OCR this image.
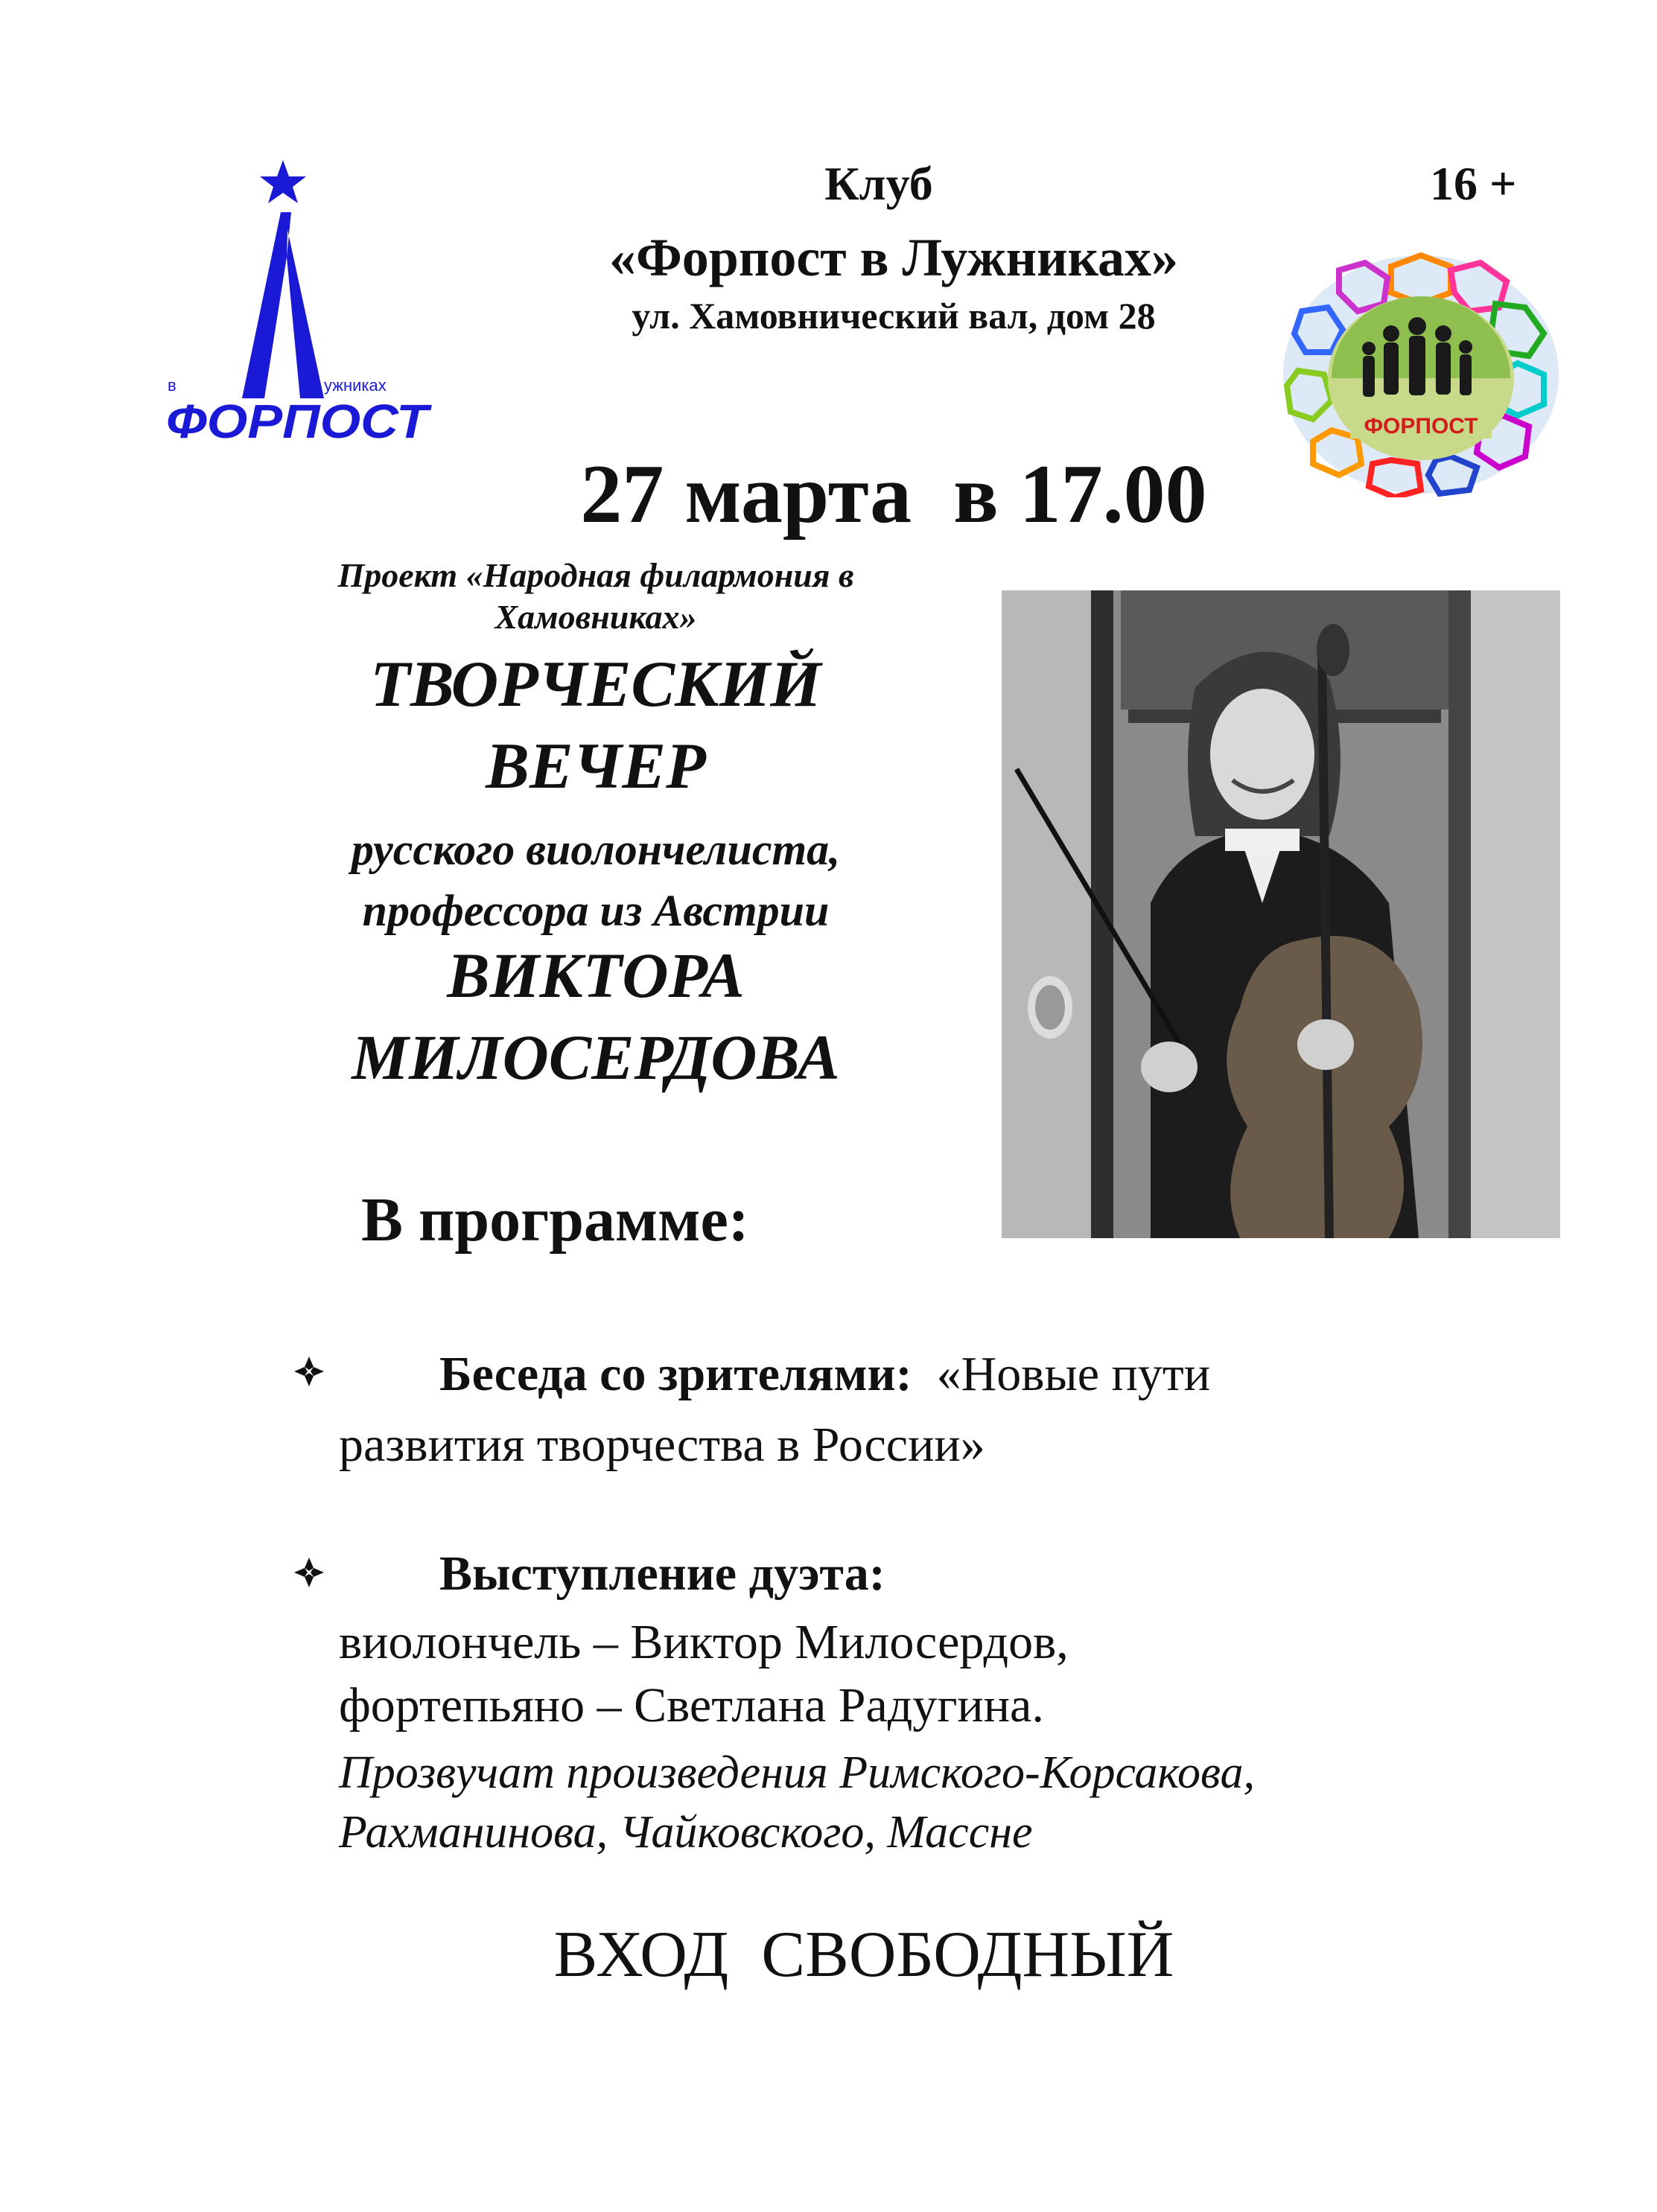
в	ужниках
ФОРПОСТ	ФОРПОСТ
Клуб	16 +
«Форпост в Лужниках»
ул. Хамовнический вал, дом 28
27 марта  в 17.00
Проект «Народная филармония в
Хамовниках»
ТВОРЧЕСКИЙ
ВЕЧЕР
русского виолончелиста,
профессора из Австрии
ВИКТОРА
МИЛОСЕРДОВА
В программе:
Беседа со зрителями:  «Новые пути
развития творчества в России»
Выступление дуэта:
виолончель – Виктор Милосердов,
фортепьяно – Светлана Радугина.
Прозвучат произведения Римского-Корсакова,
Рахманинова, Чайковского, Массне
ВХОД  СВОБОДНЫЙ
